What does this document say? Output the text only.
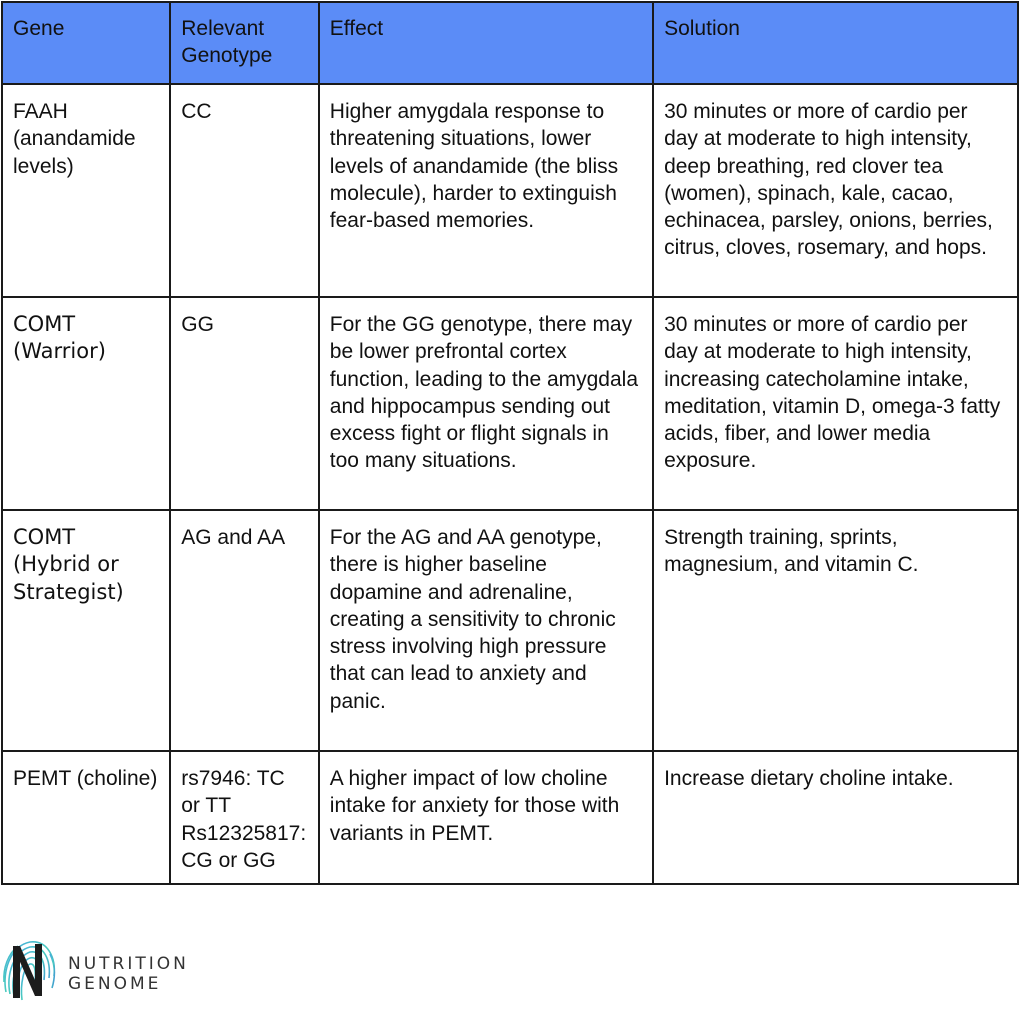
Gene	Relevant Genotype	Effect	Solution
FAAH (anandamide levels)	CC	Higher amygdala response to threatening situations, lower levels of anandamide (the bliss molecule), harder to extinguish fear-based memories.	30 minutes or more of cardio per day at moderate to high intensity, deep breathing, red clover tea (women), spinach, kale, cacao, echinacea, parsley, onions, berries, citrus, cloves, rosemary, and hops.
COMT (Warrior)	GG	For the GG genotype, there may be lower prefrontal cortex function, leading to the amygdala and hippocampus sending out excess fight or flight signals in too many situations.	30 minutes or more of cardio per day at moderate to high intensity, increasing catecholamine intake, meditation, vitamin D, omega-3 fatty acids, fiber, and lower media exposure.
COMT (Hybrid or Strategist)	AG and AA	For the AG and AA genotype, there is higher baseline dopamine and adrenaline, creating a sensitivity to chronic stress involving high pressure that can lead to anxiety and panic.	Strength training, sprints, magnesium, and vitamin C.
PEMT (choline)	rs7946: TC or TT Rs12325817: CG or GG	A higher impact of low choline intake for anxiety for those with variants in PEMT.	Increase dietary choline intake.
NUTRITION
GENOME
